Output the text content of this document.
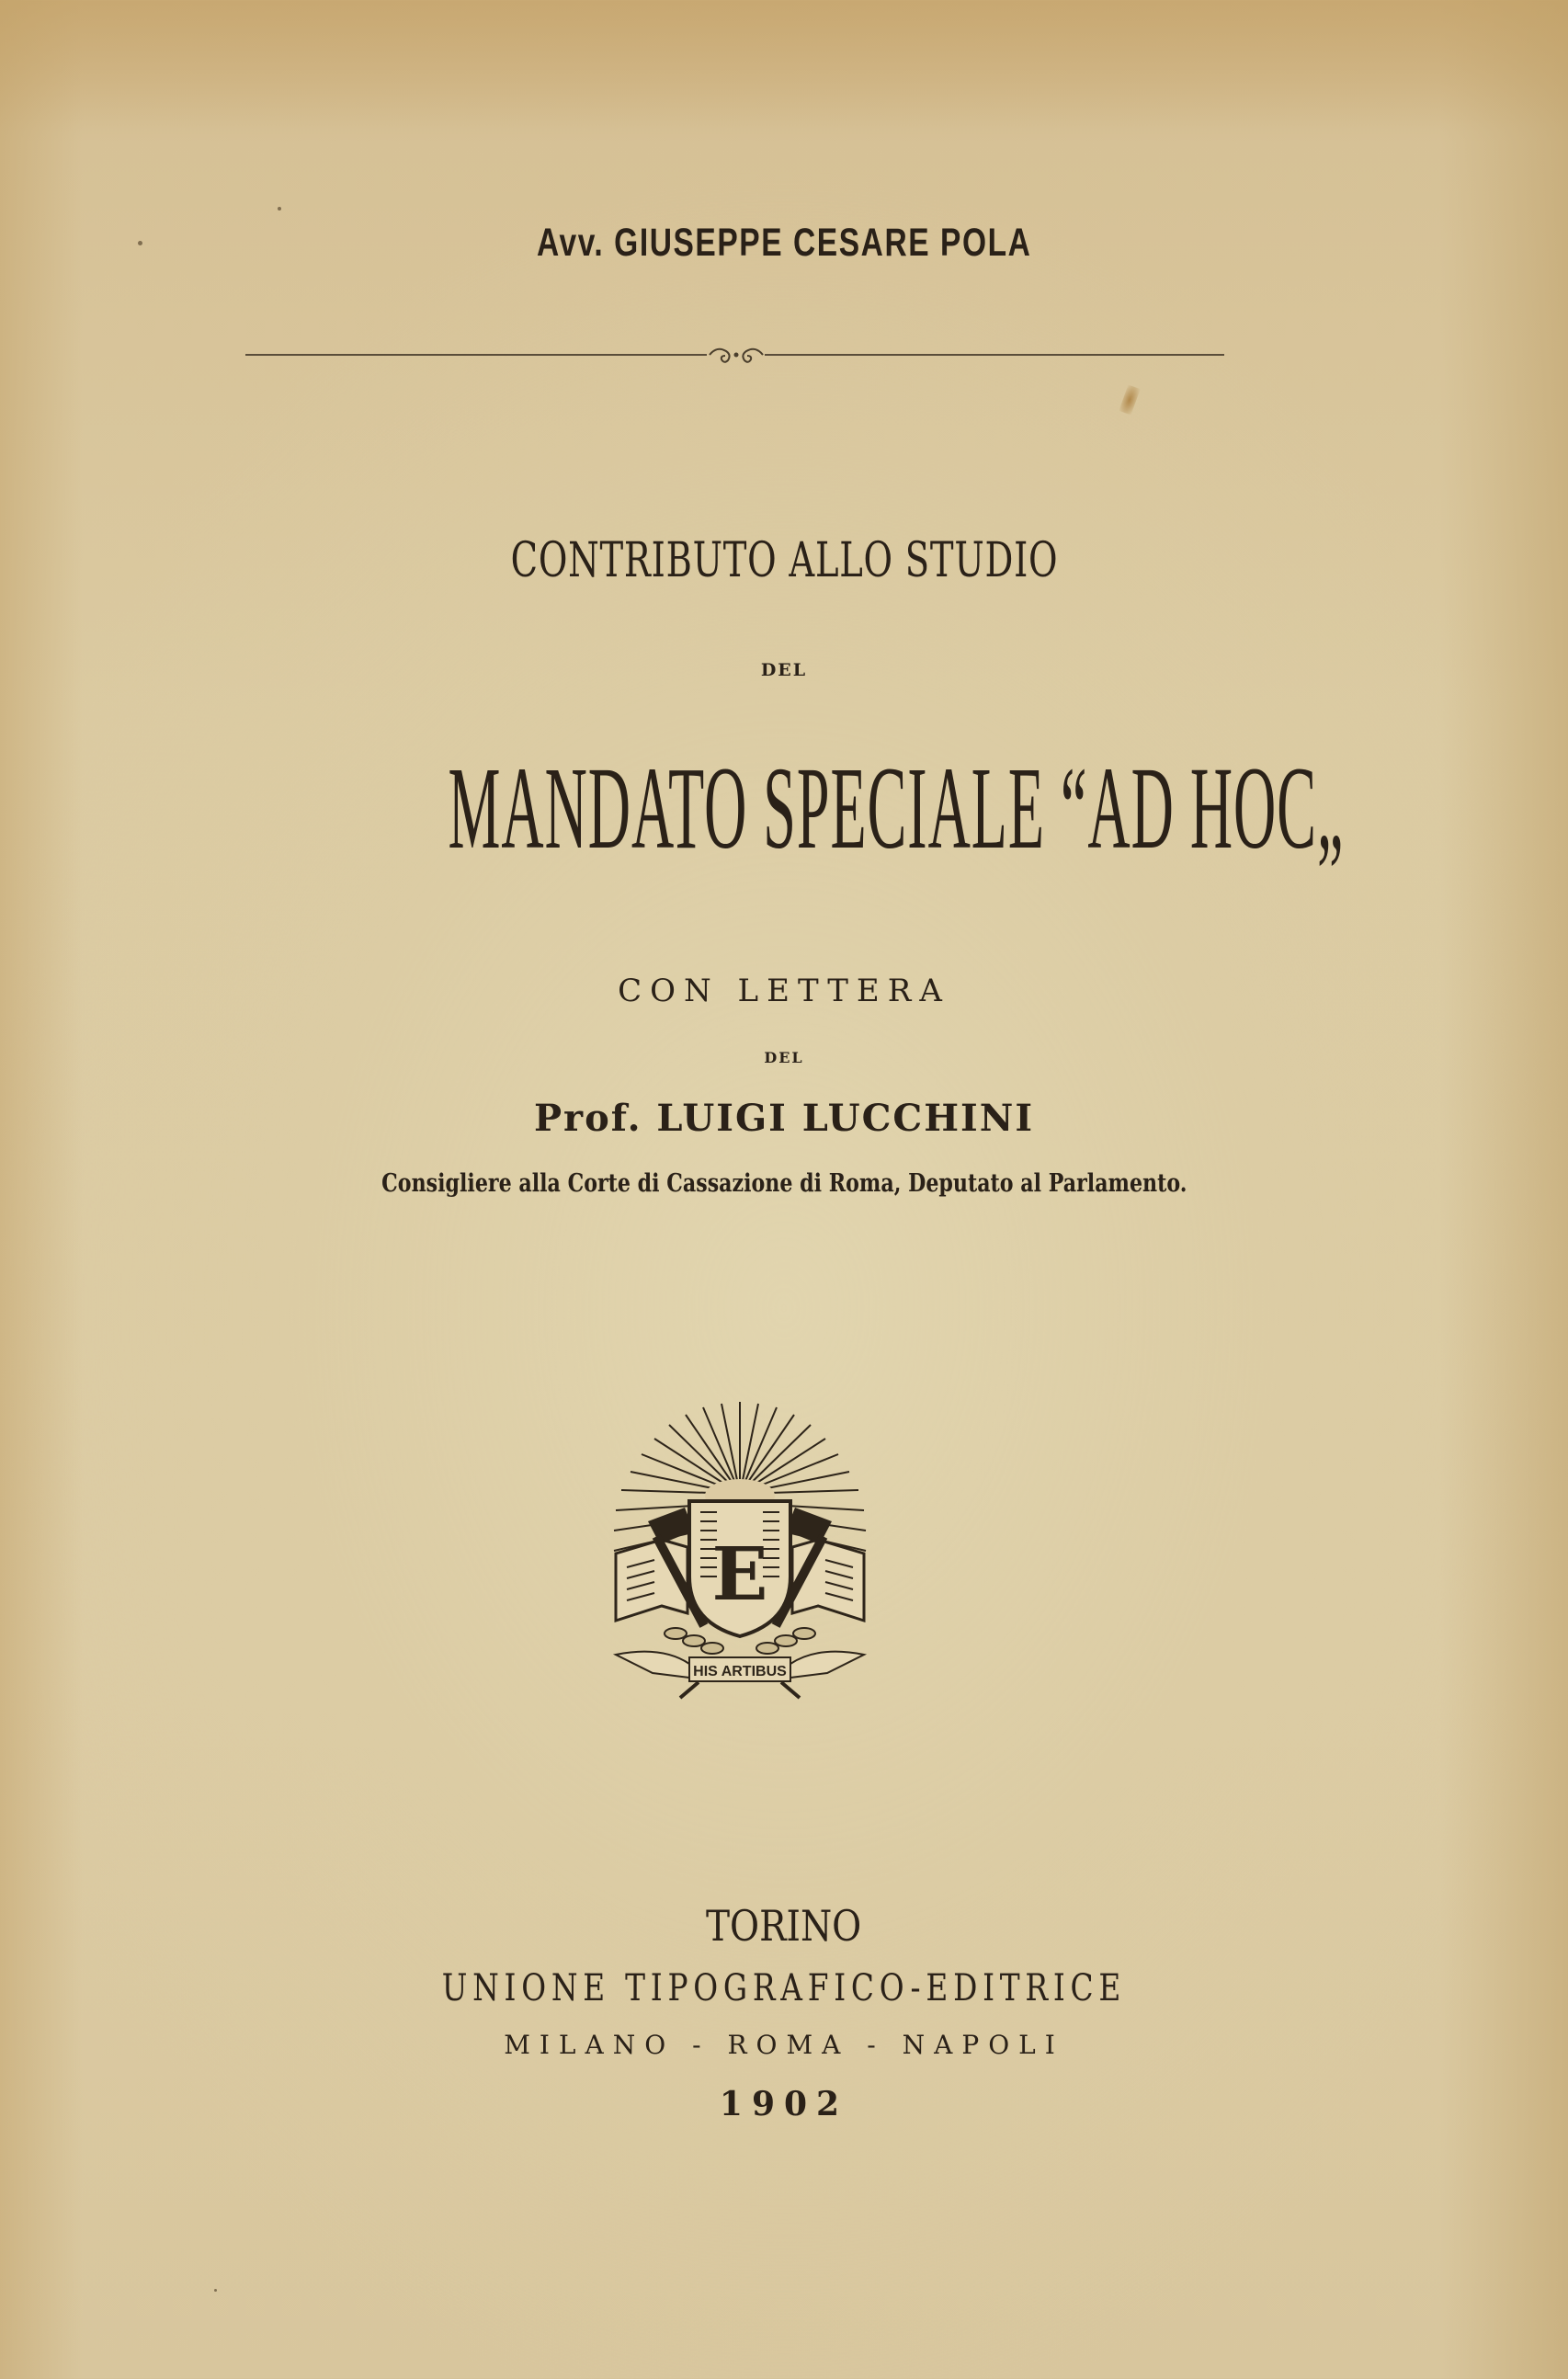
Avv. GIUSEPPE CESARE POLA
CONTRIBUTO ALLO STUDIO
DEL
MANDATO SPECIALE “AD HOC„
CON LETTERA
DEL
Prof. LUIGI LUCCHINI
Consigliere alla Corte di Cassazione di Roma, Deputato al Parlamento.
E
HIS ARTIBUS
TORINO
UNIONE TIPOGRAFICO-EDITRICE
MILANO - ROMA - NAPOLI
1902
